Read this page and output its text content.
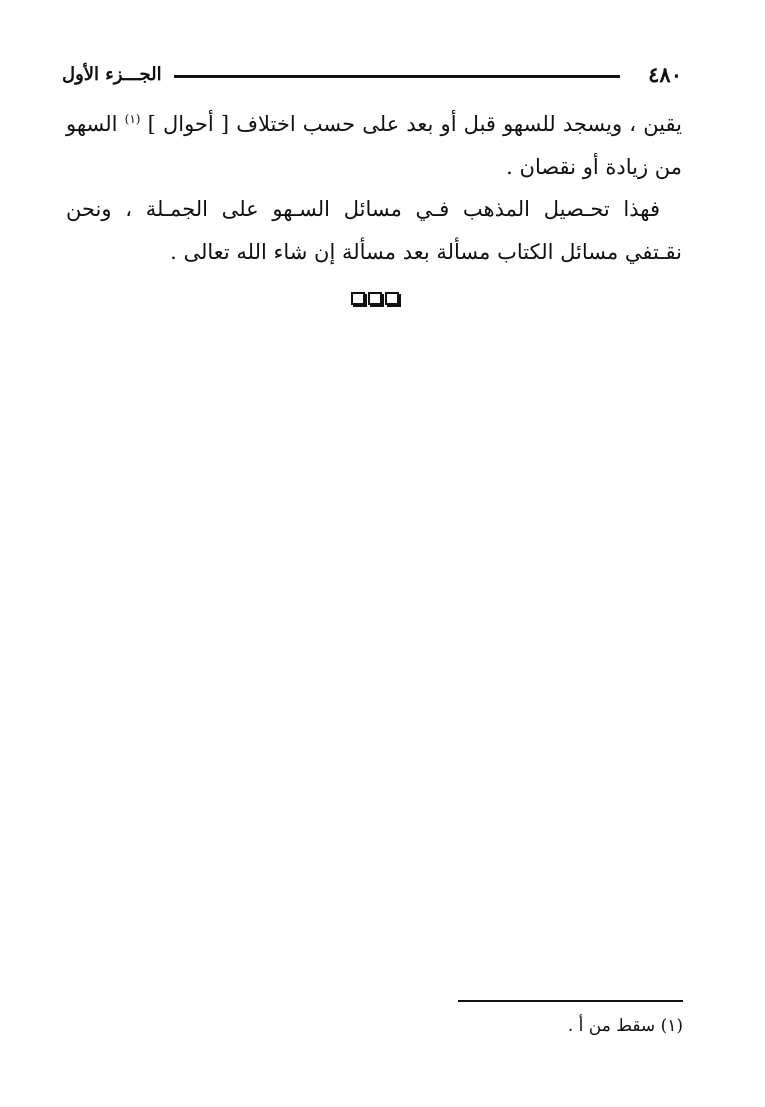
٤٨٠
الجـــزء الأول

يقين ، ويسجد للسهو قبل أو بعد على حسب اختلاف [ أحوال ] $^{(١)}$ السهو من زيادة أو نقصان .

فهذا تحـصيل المذهب فـي مسائل السـهو على الجمـلة ، ونحن نقـتفي مسائل الكتاب مسألة بعد مسألة إن شاء الله تعالى .

(١) سقط من أ .
